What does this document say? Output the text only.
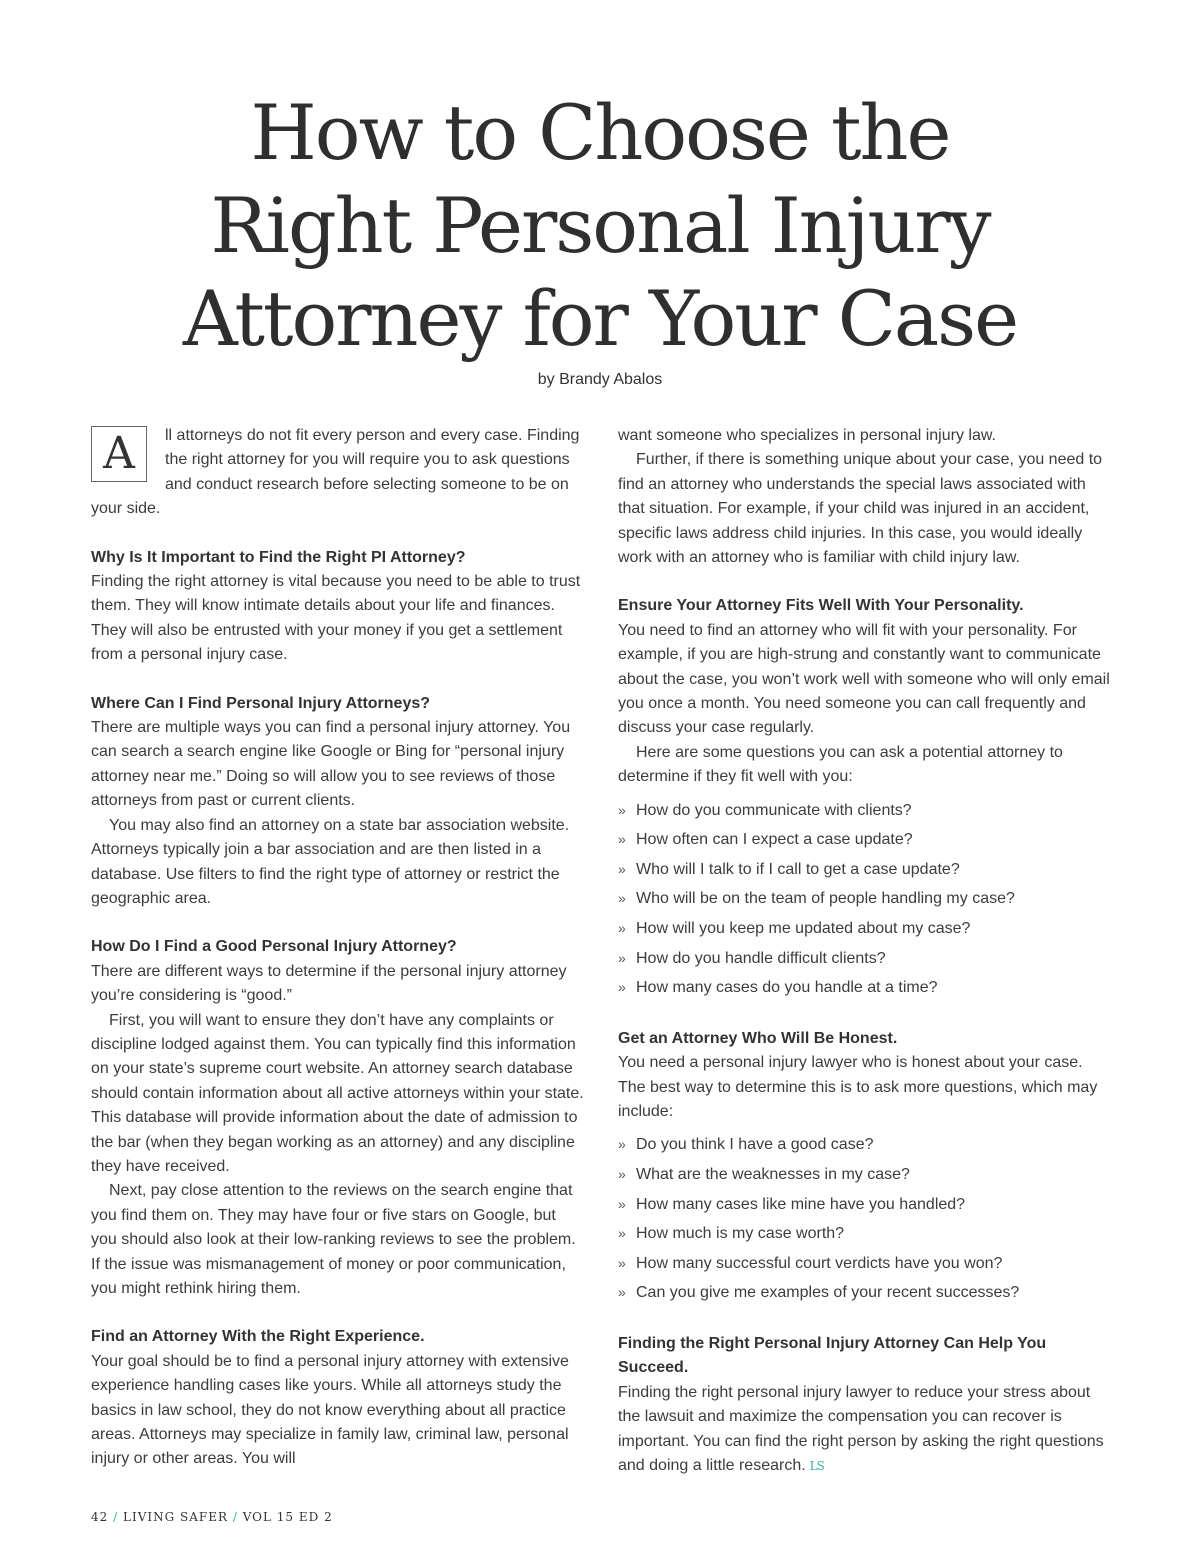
How to Choose the
Right Personal Injury
Attorney for Your Case
by Brandy Abalos
A	ll attorneys do not fit every person and every case. Finding the right attorney for you will require you to ask questions and conduct research before selecting someone to be on your side.

Why Is It Important to Find the Right PI Attorney?

Finding the right attorney is vital because you need to be able to trust them. They will know intimate details about your life and finances. They will also be entrusted with your money if you get a settlement from a personal injury case.

Where Can I Find Personal Injury Attorneys?

There are multiple ways you can find a personal injury attorney. You can search a search engine like Google or Bing for “personal injury attorney near me.” Doing so will allow you to see reviews of those attorneys from past or current clients.

You may also find an attorney on a state bar association website. Attorneys typically join a bar association and are then listed in a database. Use filters to find the right type of attorney or restrict the geographic area.

How Do I Find a Good Personal Injury Attorney?

There are different ways to determine if the personal injury attorney you’re considering is “good.”

First, you will want to ensure they don’t have any complaints or discipline lodged against them. You can typically find this information on your state’s supreme court website. An attorney search database should contain information about all active attorneys within your state. This database will provide information about the date of admission to the bar (when they began working as an attorney) and any discipline they have received.

Next, pay close attention to the reviews on the search engine that you find them on. They may have four or five stars on Google, but you should also look at their low-ranking reviews to see the problem. If the issue was mismanagement of money or poor communication, you might rethink hiring them.

Find an Attorney With the Right Experience.

Your goal should be to find a personal injury attorney with extensive experience handling cases like yours. While all attorneys study the basics in law school, they do not know everything about all practice areas. Attorneys may specialize in family law, criminal law, personal injury or other areas. You will

want someone who specializes in personal injury law.

Further, if there is something unique about your case, you need to find an attorney who understands the special laws associated with that situation. For example, if your child was injured in an accident, specific laws address child injuries. In this case, you would ideally work with an attorney who is familiar with child injury law.

Ensure Your Attorney Fits Well With Your Personality.

You need to find an attorney who will fit with your personality. For example, if you are high-strung and constantly want to communicate about the case, you won’t work well with someone who will only email you once a month. You need someone you can call frequently and discuss your case regularly.

Here are some questions you can ask a potential attorney to determine if they fit well with you:

» How do you communicate with clients?
» How often can I expect a case update?
» Who will I talk to if I call to get a case update?
» Who will be on the team of people handling my case?
» How will you keep me updated about my case?
» How do you handle difficult clients?
» How many cases do you handle at a time?
Get an Attorney Who Will Be Honest.

You need a personal injury lawyer who is honest about your case. The best way to determine this is to ask more questions, which may include:

» Do you think I have a good case?
» What are the weaknesses in my case?
» How many cases like mine have you handled?
» How much is my case worth?
» How many successful court verdicts have you won?
» Can you give me examples of your recent successes?
Finding the Right Personal Injury Attorney Can Help You Succeed.

Finding the right personal injury lawyer to reduce your stress about the lawsuit and maximize the compensation you can recover is important. You can find the right person by asking the right questions and doing a little research. LS

42 / LIVING SAFER / VOL 15 ED 2
